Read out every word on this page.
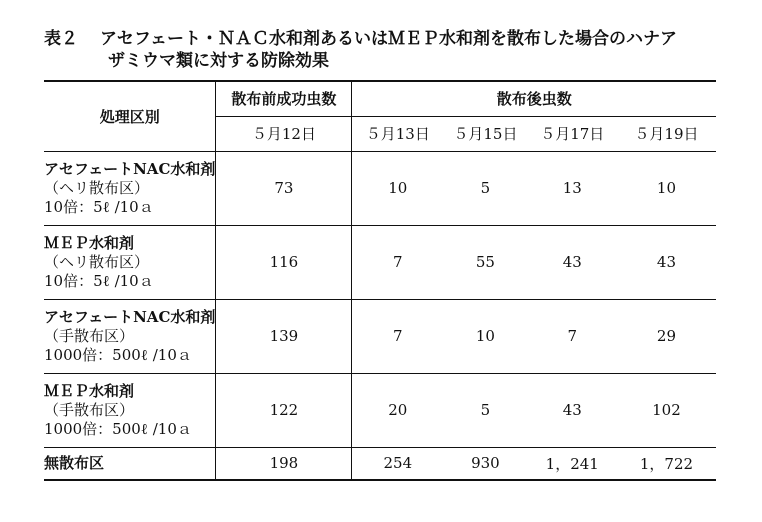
表２ アセフェート・ＮＡＣ水和剤あるいはＭＥＰ水和剤を散布した場合のハナア
ザミウマ類に対する防除効果
処理区別	散布前成功虫数	散布後虫数			
	５月12日	５月13日	５月15日	５月17日	５月19日

アセフェートNAC水和剤
（ヘリ散布区）
10倍：5ℓ /10ａ	73	10	5	13	10

ＭＥＰ水和剤
（ヘリ散布区）
10倍：5ℓ /10ａ	116	7	55	43	43

アセフェートNAC水和剤
（手散布区）
1000倍：500ℓ /10ａ	139	7	10	7	29

ＭＥＰ水和剤
（手散布区）
1000倍：500ℓ /10ａ	122	20	5	43	102

無散布区	198	254	930	1，241	1，722
